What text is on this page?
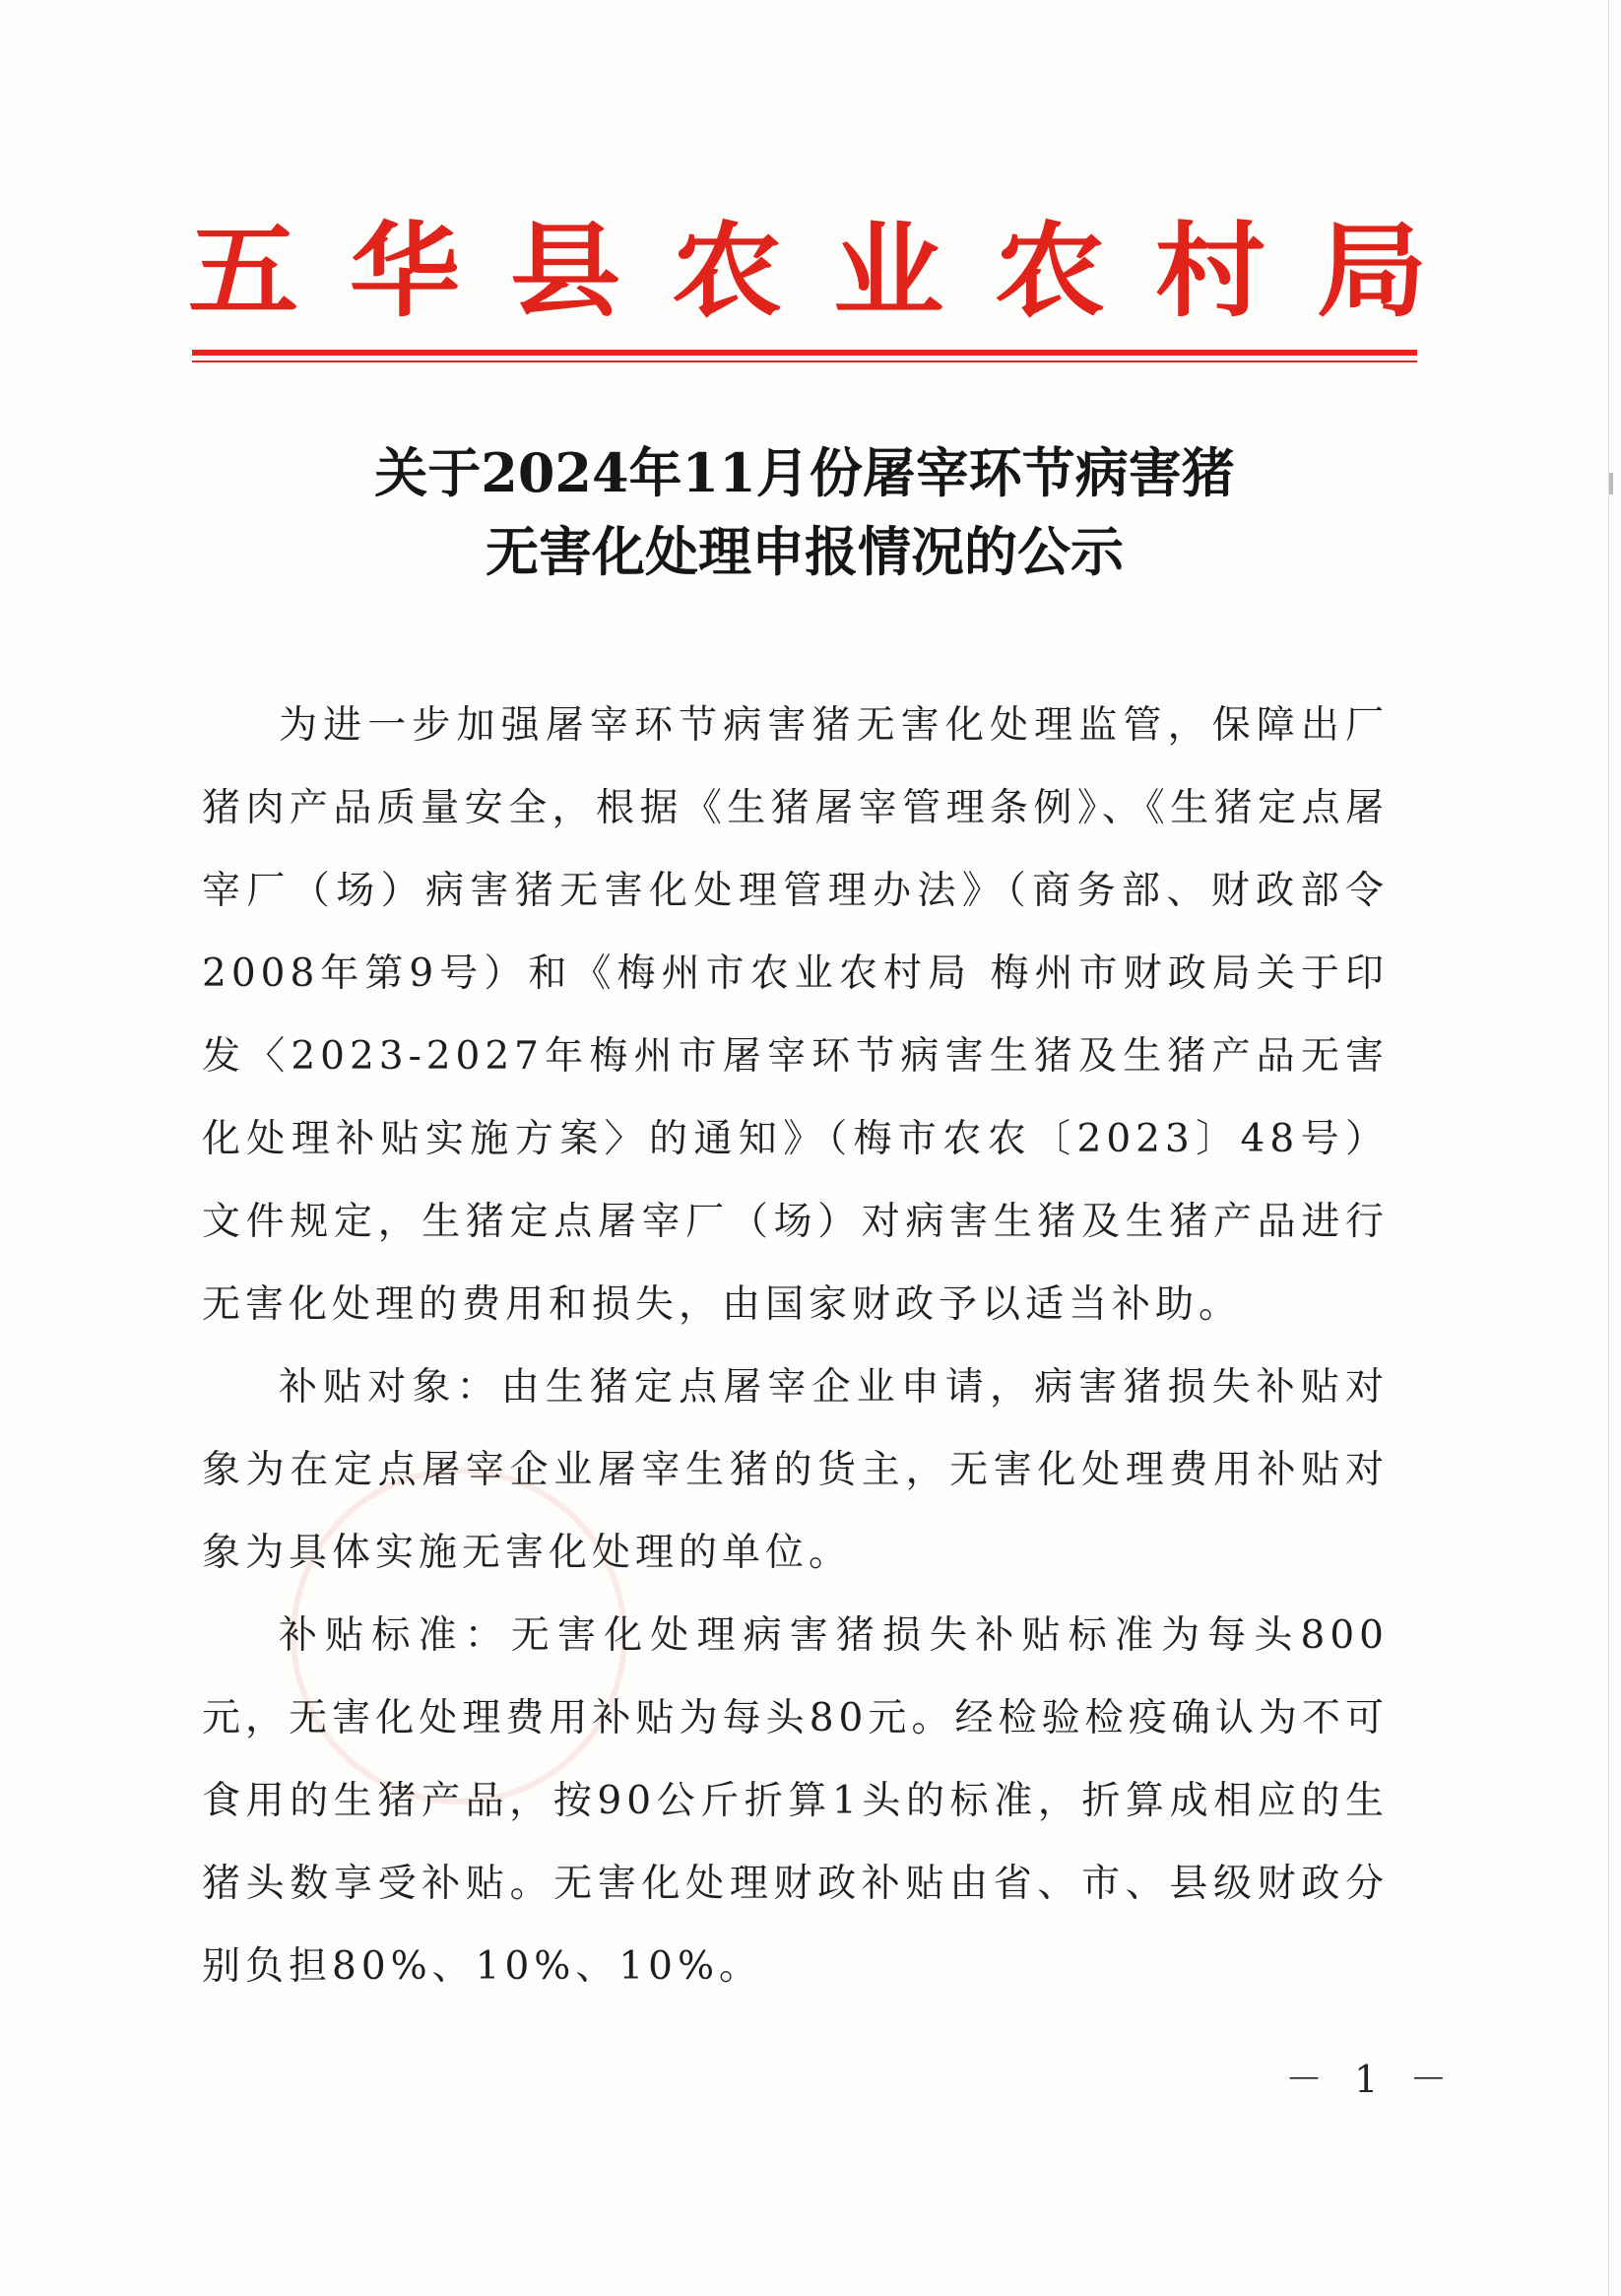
五 华 县 农 业 农 村 局
关于2024年11月份屠宰环节病害猪
无害化处理申报情况的公示

为进一步加强屠宰环节病害猪无害化处理监管，保障出厂猪肉产品质量安全，根据《生猪屠宰管理条例》、《生猪定点屠宰厂（场）病害猪无害化处理管理办法》（商务部、财政部令2008年第9号）和《梅州市农业农村局 梅州市财政局关于印发〈2023-2027年梅州市屠宰环节病害生猪及生猪产品无害化处理补贴实施方案〉的通知》（梅市农农〔2023〕48号）文件规定，生猪定点屠宰厂（场）对病害生猪及生猪产品进行无害化处理的费用和损失，由国家财政予以适当补助。

补贴对象：由生猪定点屠宰企业申请，病害猪损失补贴对象为在定点屠宰企业屠宰生猪的货主，无害化处理费用补贴对象为具体实施无害化处理的单位。

补贴标准：无害化处理病害猪损失补贴标准为每头800元，无害化处理费用补贴为每头80元。经检验检疫确认为不可食用的生猪产品，按90公斤折算1头的标准，折算成相应的生猪头数享受补贴。无害化处理财政补贴由省、市、县级财政分别负担80%、10%、10%。

－ 1 －
